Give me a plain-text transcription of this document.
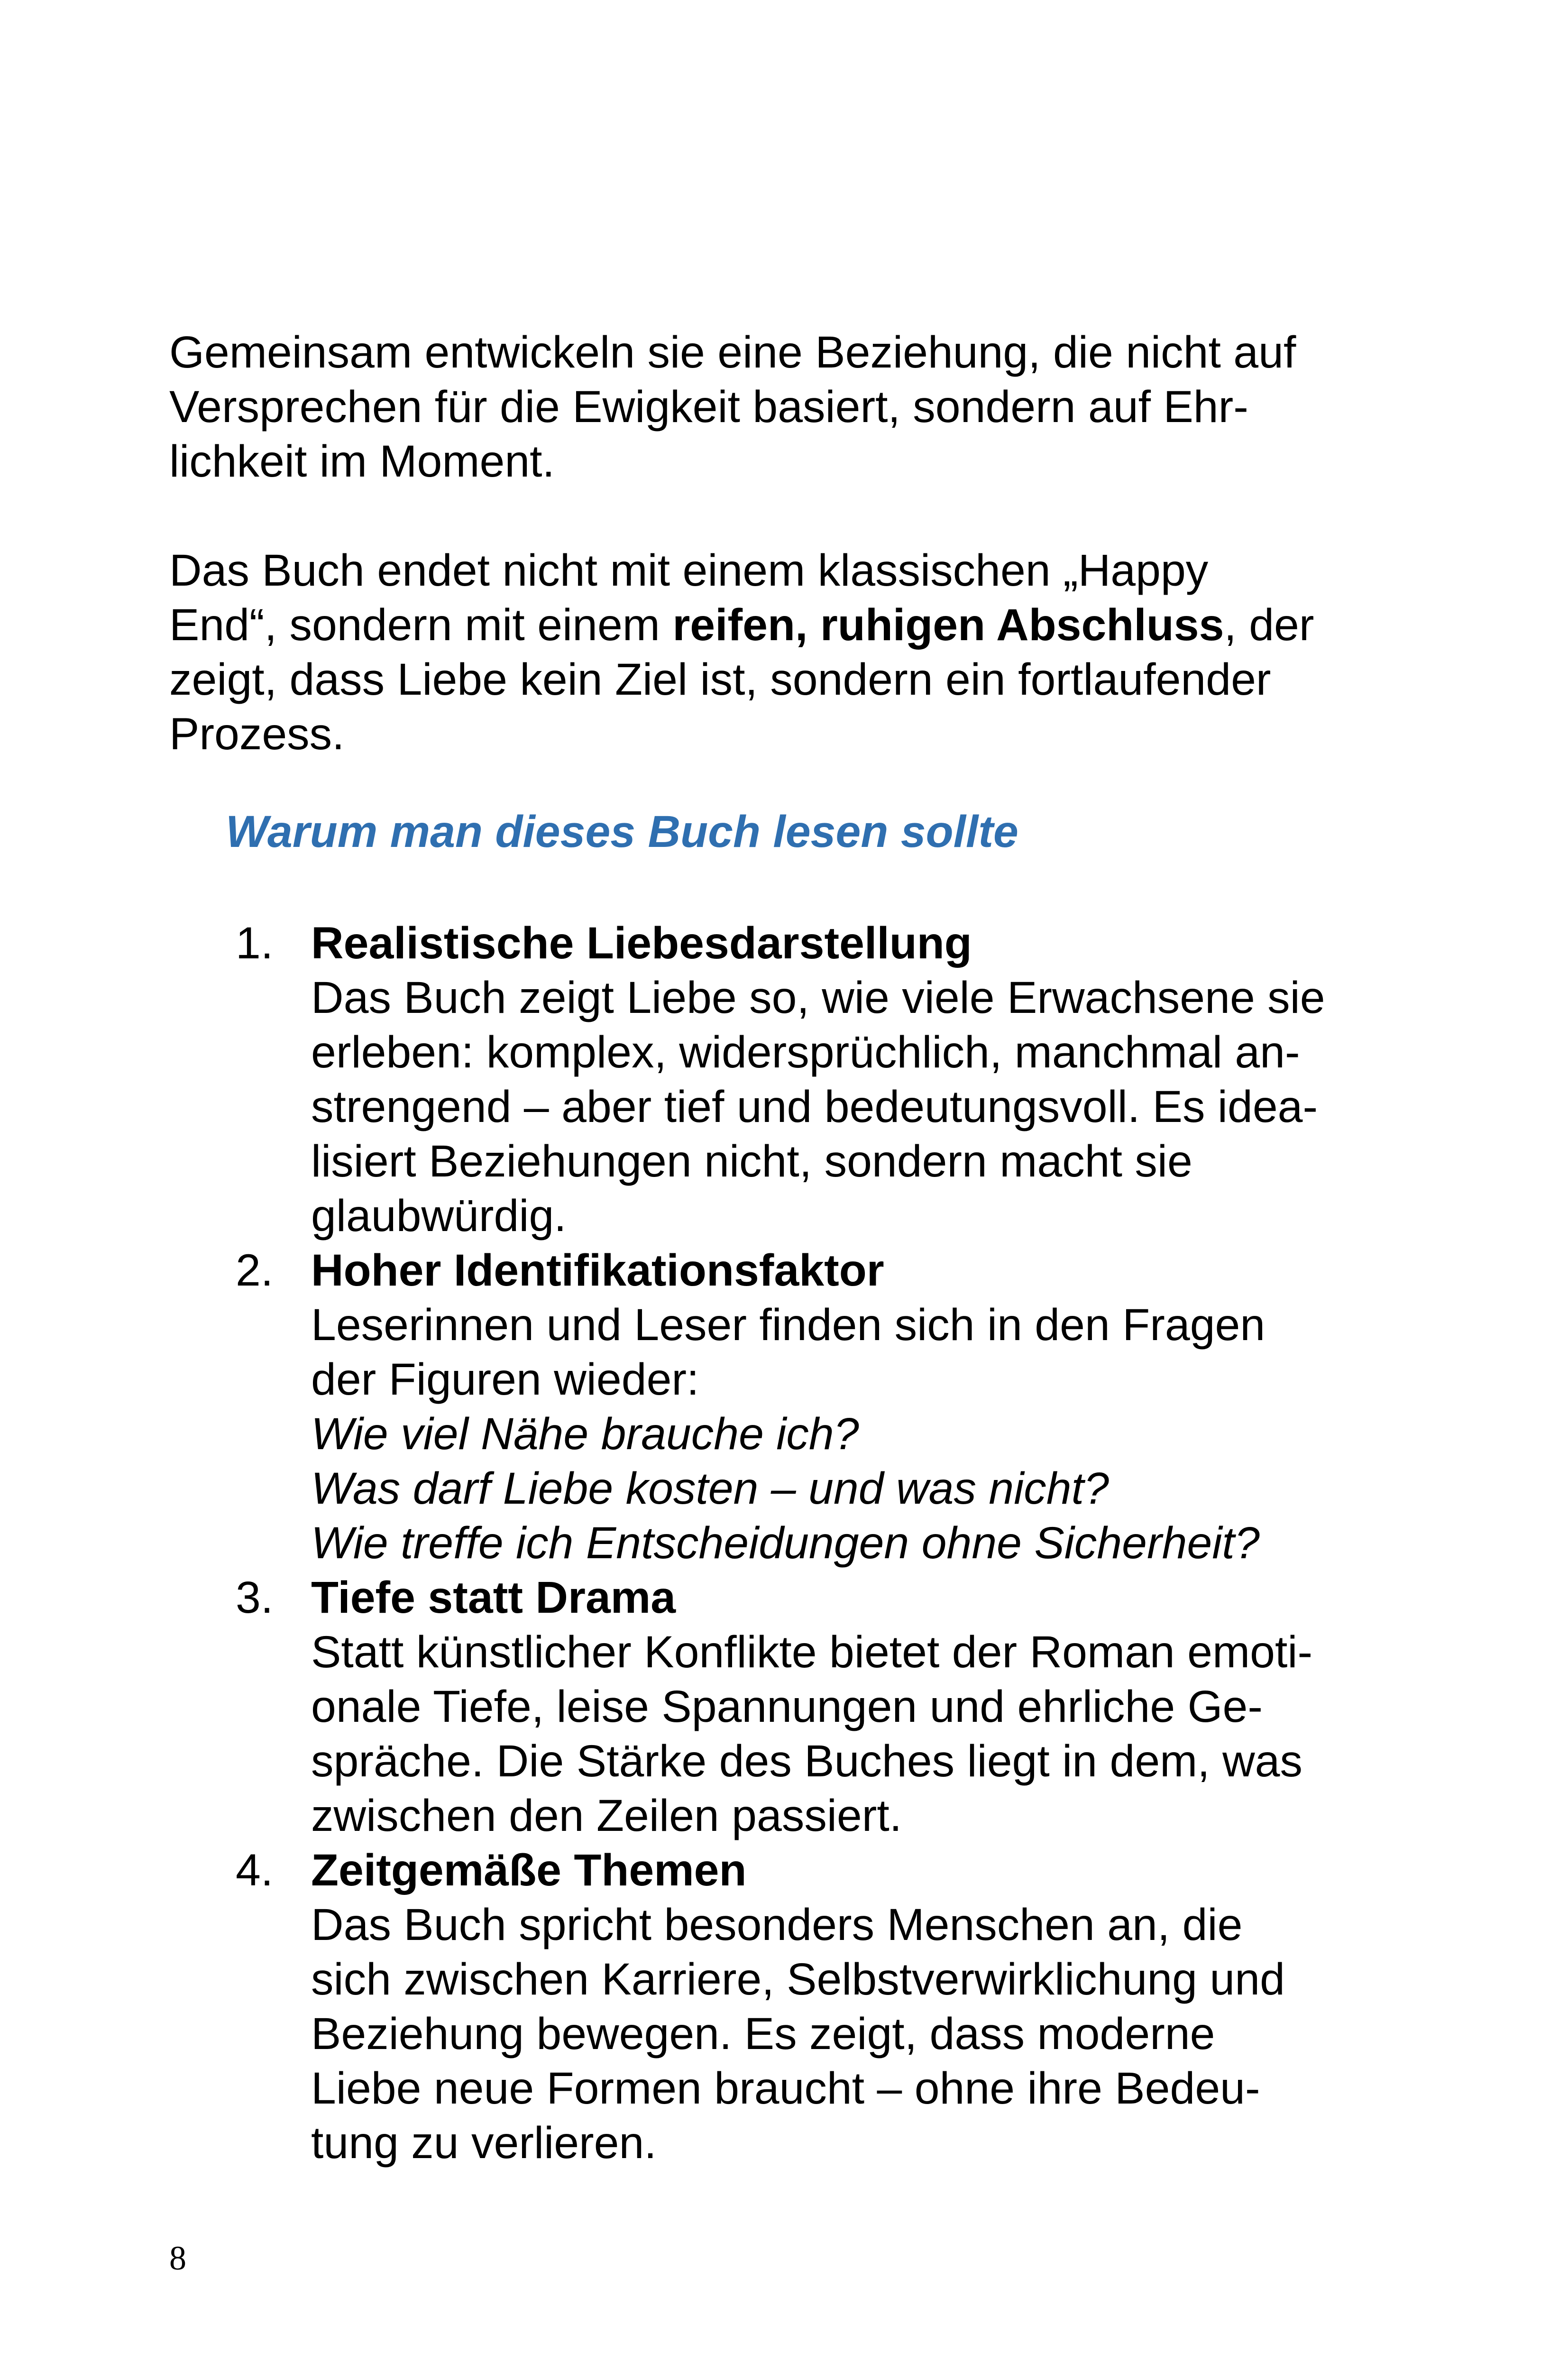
Gemeinsam entwickeln sie eine Beziehung, die nicht auf
Versprechen für die Ewigkeit basiert, sondern auf Ehr-
lichkeit im Moment.

Das Buch endet nicht mit einem klassischen „Happy
End“, sondern mit einem reifen, ruhigen Abschluss, der
zeigt, dass Liebe kein Ziel ist, sondern ein fortlaufender
Prozess.

Warum man dieses Buch lesen sollte
1. Realistische Liebesdarstellung
Das Buch zeigt Liebe so, wie viele Erwachsene sie
erleben: komplex, widersprüchlich, manchmal an-
strengend – aber tief und bedeutungsvoll. Es idea-
lisiert Beziehungen nicht, sondern macht sie
glaubwürdig.
2. Hoher Identifikationsfaktor
Leserinnen und Leser finden sich in den Fragen
der Figuren wieder:
Wie viel Nähe brauche ich?
Was darf Liebe kosten – und was nicht?
Wie treffe ich Entscheidungen ohne Sicherheit?
3. Tiefe statt Drama
Statt künstlicher Konflikte bietet der Roman emoti-
onale Tiefe, leise Spannungen und ehrliche Ge-
spräche. Die Stärke des Buches liegt in dem, was
zwischen den Zeilen passiert.
4. Zeitgemäße Themen
Das Buch spricht besonders Menschen an, die
sich zwischen Karriere, Selbstverwirklichung und
Beziehung bewegen. Es zeigt, dass moderne
Liebe neue Formen braucht – ohne ihre Bedeu-
tung zu verlieren.
8
